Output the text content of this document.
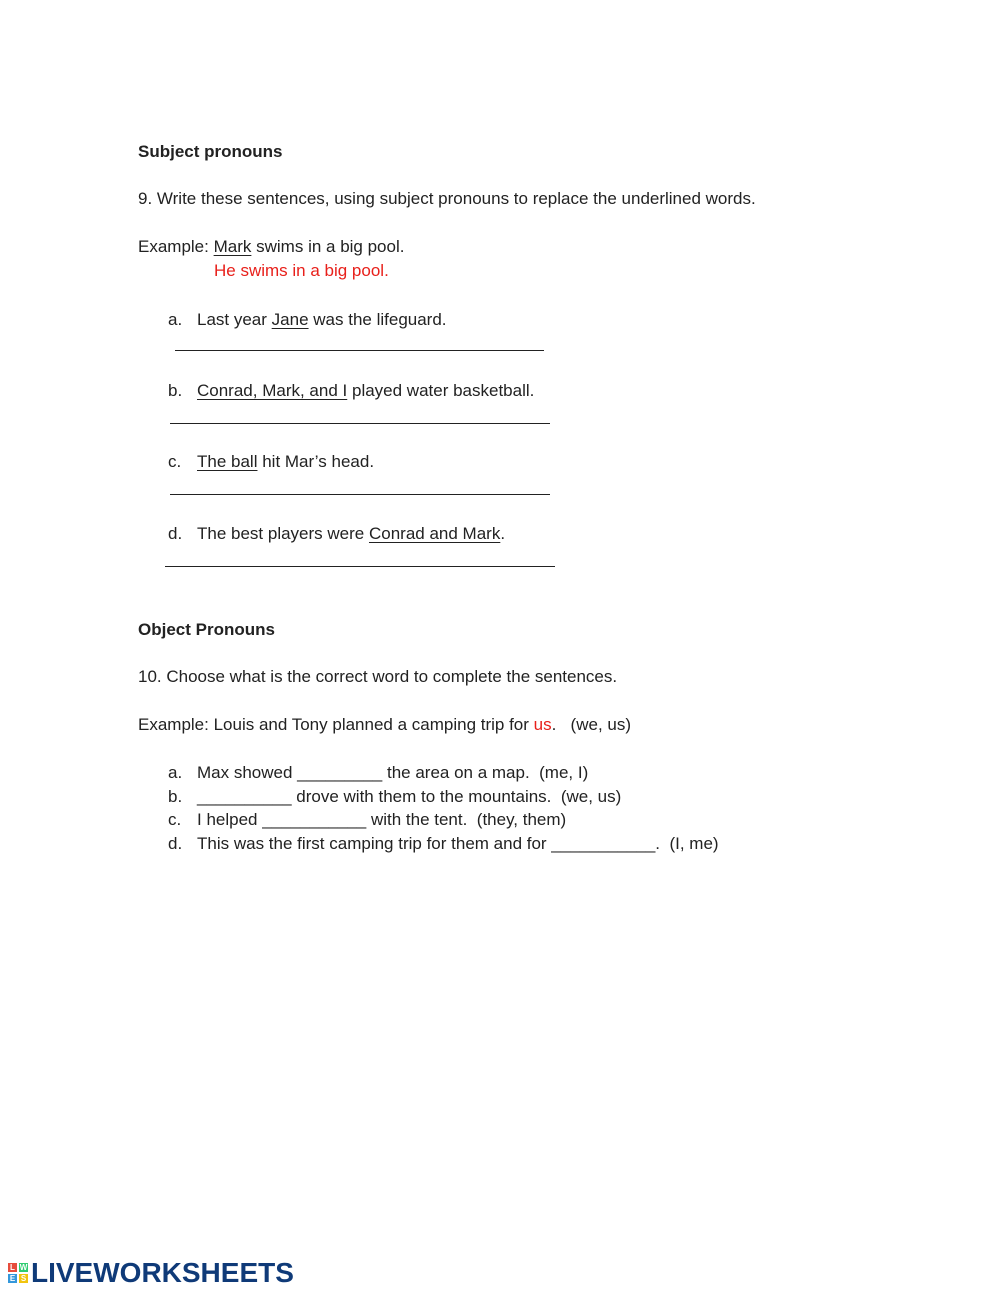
Subject pronouns
9. Write these sentences, using subject pronouns to replace the underlined words.
Example: Mark swims in a big pool.
He swims in a big pool.
a. Last year Jane was the lifeguard.
b. Conrad, Mark, and I played water basketball.
c. The ball hit Mar’s head.
d. The best players were Conrad and Mark.
Object Pronouns
10. Choose what is the correct word to complete the sentences.
Example: Louis and Tony planned a camping trip for us. (we, us)
a. Max showed _________ the area on a map.  (me, I)
b. __________ drove with them to the mountains.  (we, us)
c. I helped ___________ with the tent.  (they, them)
d. This was the first camping trip for them and for ___________.  (I, me)
L W
E S LIVEWORKSHEETS
